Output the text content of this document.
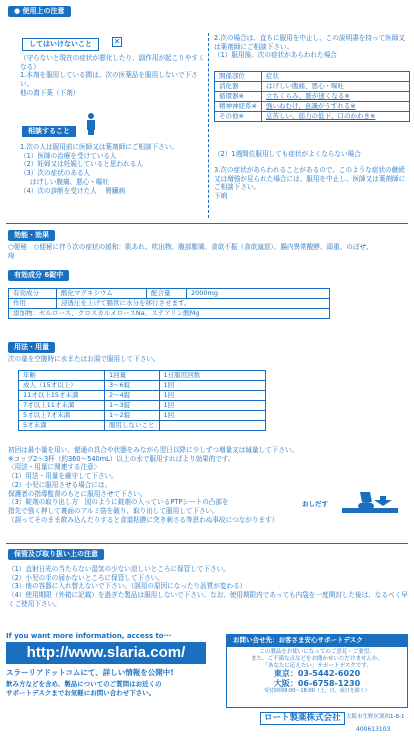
● 使用上の注意
してはいけないこと	✕
（守らないと現在の症状が悪化したり、副作用が起こりやすくなる）
1.本剤を服用している間は、次の医薬品を服用しないで下さい。
他の瀉下薬（下剤）
相談すること
1.次の人は服用前に医師又は薬剤師にご相談下さい。
（1）医師の治療を受けている人
（2）妊婦又は妊娠していると思われる人
（3）次の症状のある人
はげしい腹痛、悪心・嘔吐
（4）次の診断を受けた人　 腎臓病
2.次の場合は、直ちに服用を中止し、この説明書を持って医師又は薬剤師にご相談下さい。
（1）服用後、次の症状があらわれた場合
関係部位	症状
消化器	はげしい腹痛、悪心・嘔吐
循環器※	立ちくらみ、脈が速くなる※
精神神経系※	強いねむけ、意識がうすれる※
その他※	息苦しい、筋力の低下、口のかわき※
（2）1週間位服用しても症状がよくならない場合
3.次の症状があらわれることがあるので、このような症状の継続又は増強が見られた場合には、服用を中止し、医師又は薬剤師にご相談下さい。
下痢
効能・効果
○便秘　○便秘に伴う次の症状の緩和：肌あれ、吹出物、腹部膨満、食欲不振（食欲減退）、腸内異常醗酵、頭重、のぼせ、痔
有効成分 6錠中
有効成分	酸化マグネシウム	配合量	2000mg
作用	浸透圧を上げて腸管に水分を移行させます。		
添加物：セルロース、クロスカルメロースNa、ステアリン酸Mg			
用法・用量
次の量を空腹時に水またはお湯で服用して下さい。
年齢	1回量	1日服用回数
成人（15才以上）	3〜6錠	1回
11才以上15才未満	2〜4錠	1回
7才以上11才未満	1〜3錠	1回
5才以上7才未満	1〜2錠	1回
5才未満	服用しないこと	
初回は最小量を用い、便通の具合や状態をみながら翌日以降に少しずつ増量又は減量して下さい。
※コップ2〜3杯（約360〜540mL）以上の水で服用すればより効果的です。
〈用法・用量に関連する注意〉
（1）用法・用量を厳守して下さい。
（2）小児に服用させる場合には、
保護者の指導監督のもとに服用させて下さい。
（3）錠剤の取り出し方　図のように錠剤の入っているPTPシートの凸部を
指先で強く押して裏面のアルミ箔を破り、取り出して服用して下さい。
（誤ってそのまま飲み込んだりすると食道粘膜に突き刺さる等思わぬ事故につながります）
おしだす
保管及び取り扱い上の注意
（1）直射日光の当たらない湿気の少ない涼しいところに保管して下さい。
（2）小児の手の届かないところに保管して下さい。
（3）他の容器に入れ替えないで下さい。（誤用の原因になったり品質が変わる）
（4）使用期限（外箱に記載）を過ぎた製品は服用しないで下さい。なお、使用期限内であっても内袋を一度開封した後は、なるべく早くご使用下さい。
If you want more information, access to···
http://www.slaria.com/
スラーリアドットコムにて、詳しい情報を公開中!
飲み方などを含め、製品についてのご質問はお近くの
サポートデスクまでお気軽にお問い合わせ下さい。
お問い合せ先：お客さま安心サポートデスク
この製品をお使いになってのご意見・ご要望、
また、ご不満な点などをお聞かせいただけませんか。
「あなたに応えたい」サポートデスクです。
東京：03-5442-6020
大阪：06-6758-1230
受付時間9:00〜18:00（土、日、祝日を除く）
ロート製薬株式会社 大阪市生野区巽西1-8-1
400613103
